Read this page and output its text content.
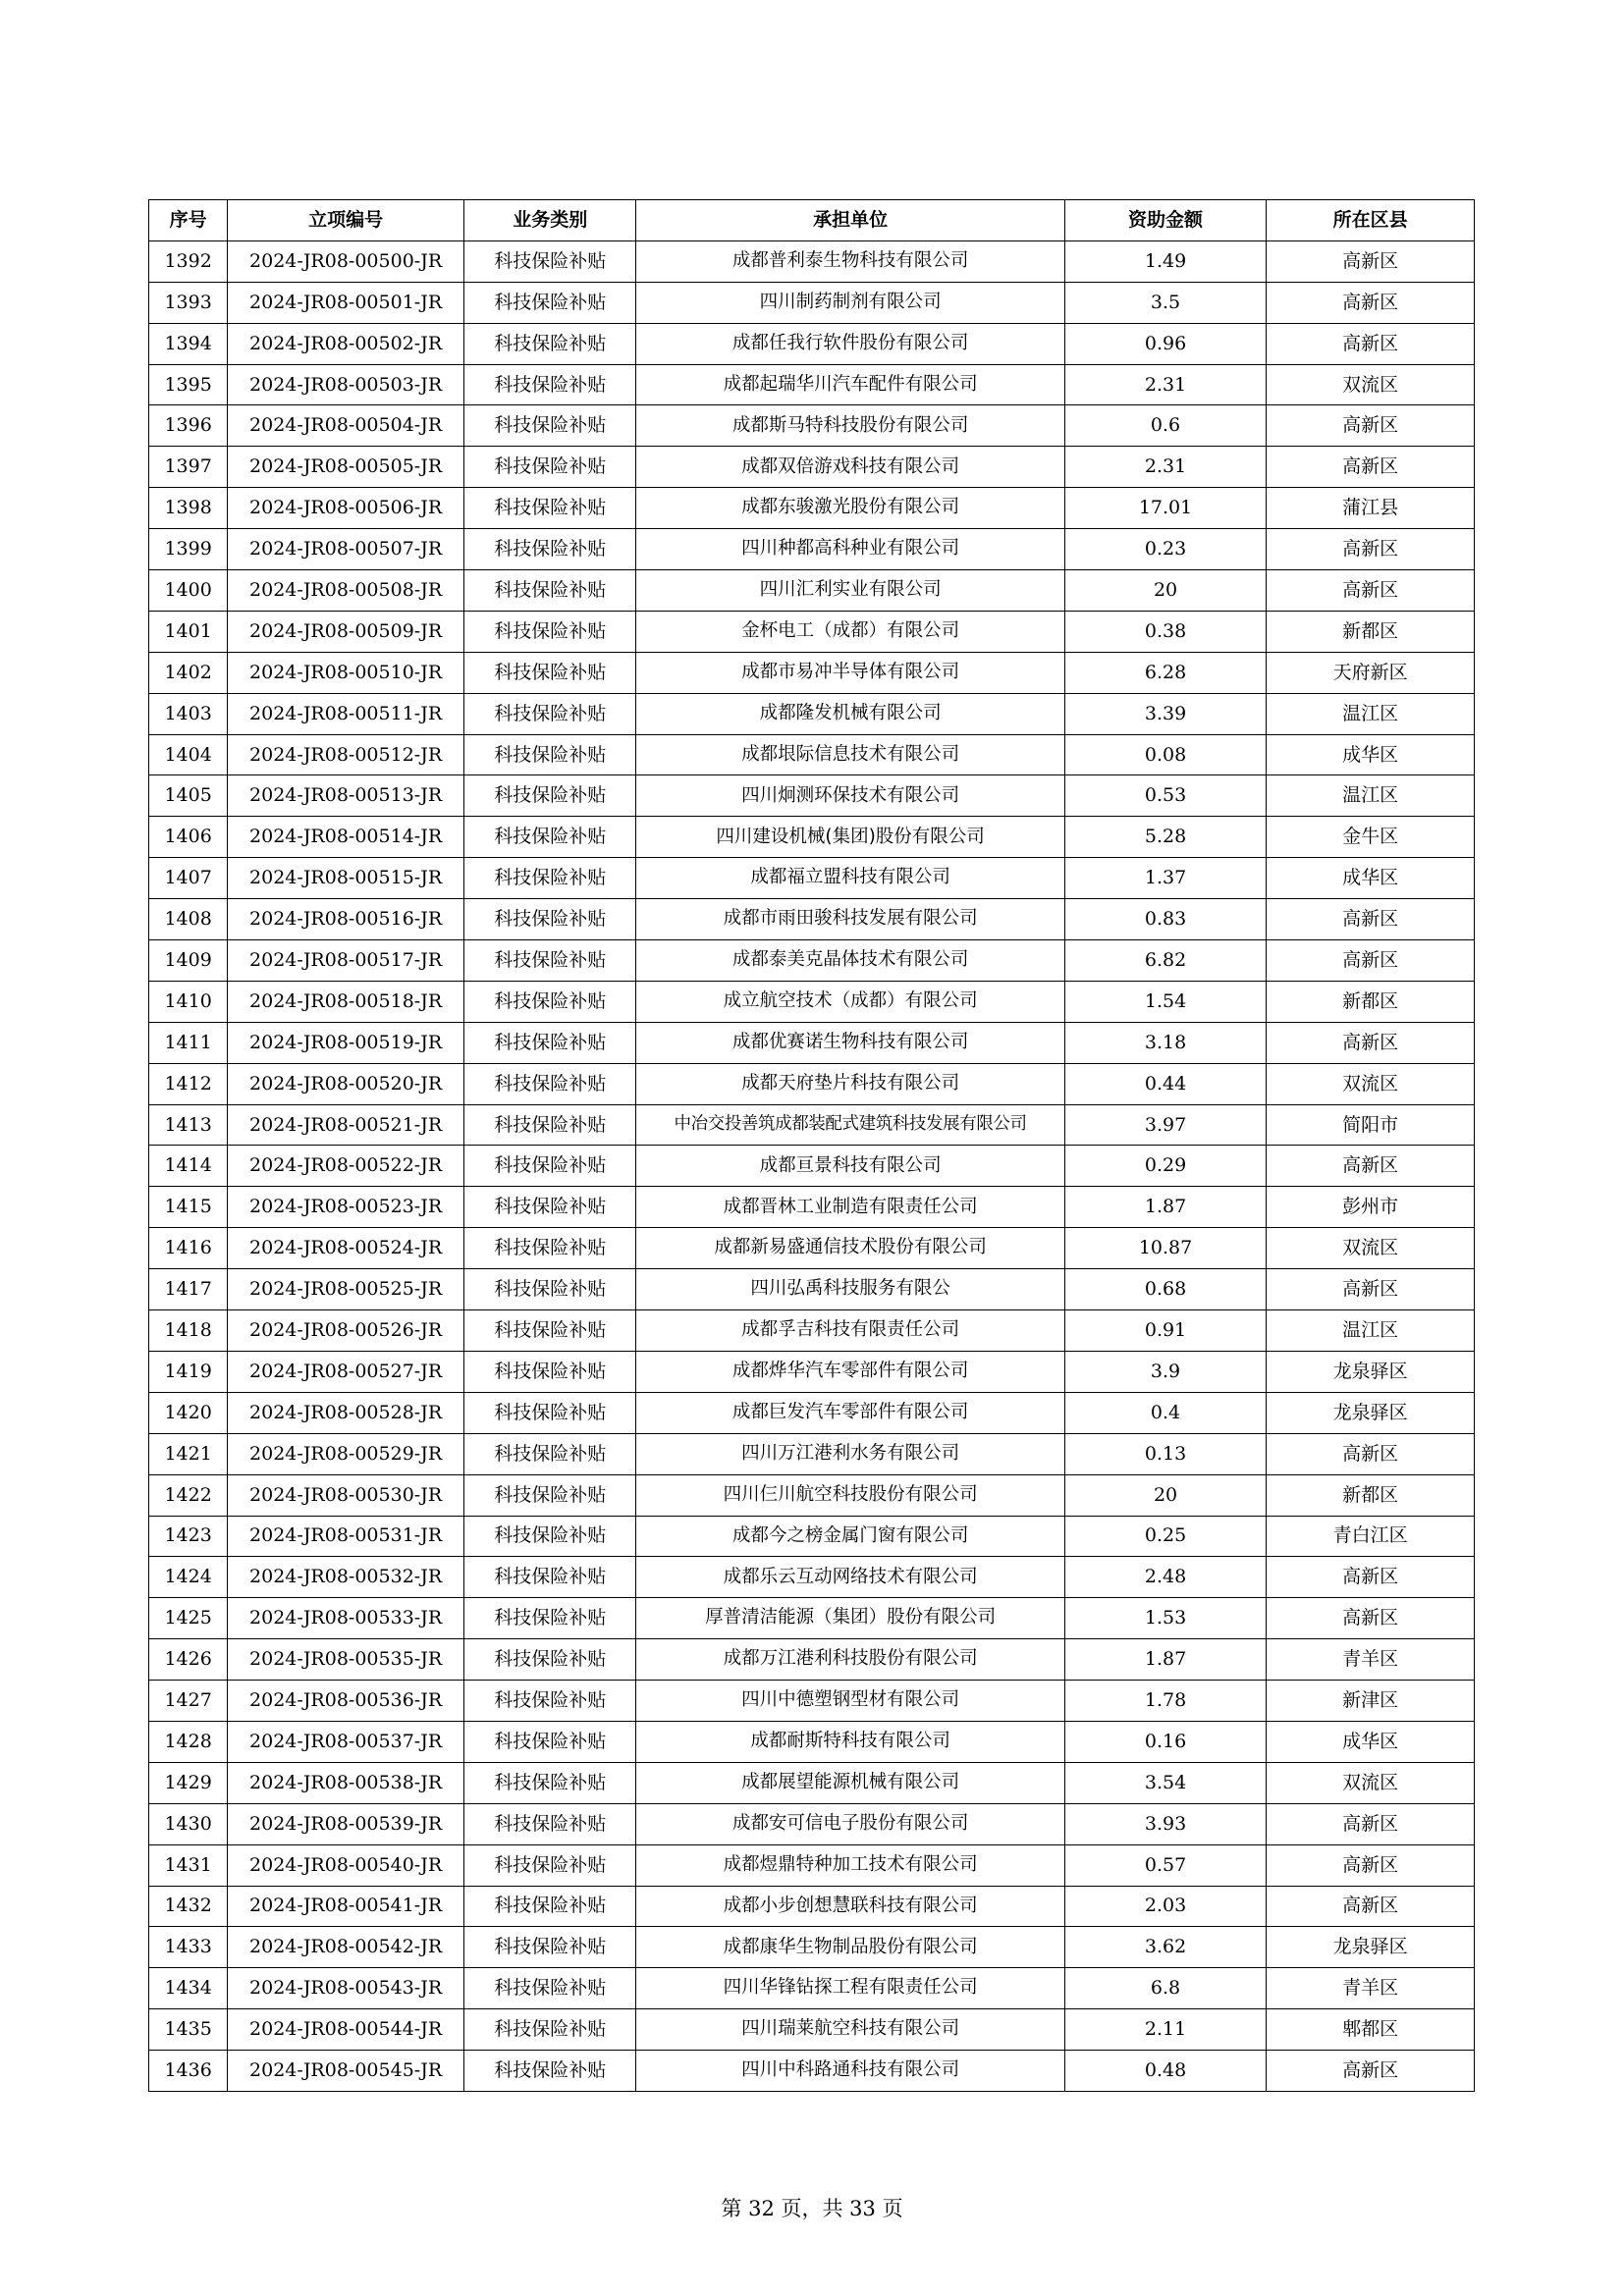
序号	立项编号	业务类别	承担单位	资助金额	所在区县
1392	2024-JR08-00500-JR	科技保险补贴	成都普利泰生物科技有限公司	1.49	高新区
1393	2024-JR08-00501-JR	科技保险补贴	四川制药制剂有限公司	3.5	高新区
1394	2024-JR08-00502-JR	科技保险补贴	成都任我行软件股份有限公司	0.96	高新区
1395	2024-JR08-00503-JR	科技保险补贴	成都起瑞华川汽车配件有限公司	2.31	双流区
1396	2024-JR08-00504-JR	科技保险补贴	成都斯马特科技股份有限公司	0.6	高新区
1397	2024-JR08-00505-JR	科技保险补贴	成都双倍游戏科技有限公司	2.31	高新区
1398	2024-JR08-00506-JR	科技保险补贴	成都东骏激光股份有限公司	17.01	蒲江县
1399	2024-JR08-00507-JR	科技保险补贴	四川种都高科种业有限公司	0.23	高新区
1400	2024-JR08-00508-JR	科技保险补贴	四川汇利实业有限公司	20	高新区
1401	2024-JR08-00509-JR	科技保险补贴	金杯电工（成都）有限公司	0.38	新都区
1402	2024-JR08-00510-JR	科技保险补贴	成都市易冲半导体有限公司	6.28	天府新区
1403	2024-JR08-00511-JR	科技保险补贴	成都隆发机械有限公司	3.39	温江区
1404	2024-JR08-00512-JR	科技保险补贴	成都垠际信息技术有限公司	0.08	成华区
1405	2024-JR08-00513-JR	科技保险补贴	四川炯测环保技术有限公司	0.53	温江区
1406	2024-JR08-00514-JR	科技保险补贴	四川建设机械(集团)股份有限公司	5.28	金牛区
1407	2024-JR08-00515-JR	科技保险补贴	成都福立盟科技有限公司	1.37	成华区
1408	2024-JR08-00516-JR	科技保险补贴	成都市雨田骏科技发展有限公司	0.83	高新区
1409	2024-JR08-00517-JR	科技保险补贴	成都泰美克晶体技术有限公司	6.82	高新区
1410	2024-JR08-00518-JR	科技保险补贴	成立航空技术（成都）有限公司	1.54	新都区
1411	2024-JR08-00519-JR	科技保险补贴	成都优赛诺生物科技有限公司	3.18	高新区
1412	2024-JR08-00520-JR	科技保险补贴	成都天府垫片科技有限公司	0.44	双流区
1413	2024-JR08-00521-JR	科技保险补贴	中冶交投善筑成都装配式建筑科技发展有限公司	3.97	简阳市
1414	2024-JR08-00522-JR	科技保险补贴	成都亘景科技有限公司	0.29	高新区
1415	2024-JR08-00523-JR	科技保险补贴	成都晋林工业制造有限责任公司	1.87	彭州市
1416	2024-JR08-00524-JR	科技保险补贴	成都新易盛通信技术股份有限公司	10.87	双流区
1417	2024-JR08-00525-JR	科技保险补贴	四川弘禹科技服务有限公	0.68	高新区
1418	2024-JR08-00526-JR	科技保险补贴	成都孚吉科技有限责任公司	0.91	温江区
1419	2024-JR08-00527-JR	科技保险补贴	成都烨华汽车零部件有限公司	3.9	龙泉驿区
1420	2024-JR08-00528-JR	科技保险补贴	成都巨发汽车零部件有限公司	0.4	龙泉驿区
1421	2024-JR08-00529-JR	科技保险补贴	四川万江港利水务有限公司	0.13	高新区
1422	2024-JR08-00530-JR	科技保险补贴	四川仨川航空科技股份有限公司	20	新都区
1423	2024-JR08-00531-JR	科技保险补贴	成都今之榜金属门窗有限公司	0.25	青白江区
1424	2024-JR08-00532-JR	科技保险补贴	成都乐云互动网络技术有限公司	2.48	高新区
1425	2024-JR08-00533-JR	科技保险补贴	厚普清洁能源（集团）股份有限公司	1.53	高新区
1426	2024-JR08-00535-JR	科技保险补贴	成都万江港利科技股份有限公司	1.87	青羊区
1427	2024-JR08-00536-JR	科技保险补贴	四川中德塑钢型材有限公司	1.78	新津区
1428	2024-JR08-00537-JR	科技保险补贴	成都耐斯特科技有限公司	0.16	成华区
1429	2024-JR08-00538-JR	科技保险补贴	成都展望能源机械有限公司	3.54	双流区
1430	2024-JR08-00539-JR	科技保险补贴	成都安可信电子股份有限公司	3.93	高新区
1431	2024-JR08-00540-JR	科技保险补贴	成都煜鼎特种加工技术有限公司	0.57	高新区
1432	2024-JR08-00541-JR	科技保险补贴	成都小步创想慧联科技有限公司	2.03	高新区
1433	2024-JR08-00542-JR	科技保险补贴	成都康华生物制品股份有限公司	3.62	龙泉驿区
1434	2024-JR08-00543-JR	科技保险补贴	四川华锋钻探工程有限责任公司	6.8	青羊区
1435	2024-JR08-00544-JR	科技保险补贴	四川瑞莱航空科技有限公司	2.11	郫都区
1436	2024-JR08-00545-JR	科技保险补贴	四川中科路通科技有限公司	0.48	高新区
第 32 页，共 33 页
